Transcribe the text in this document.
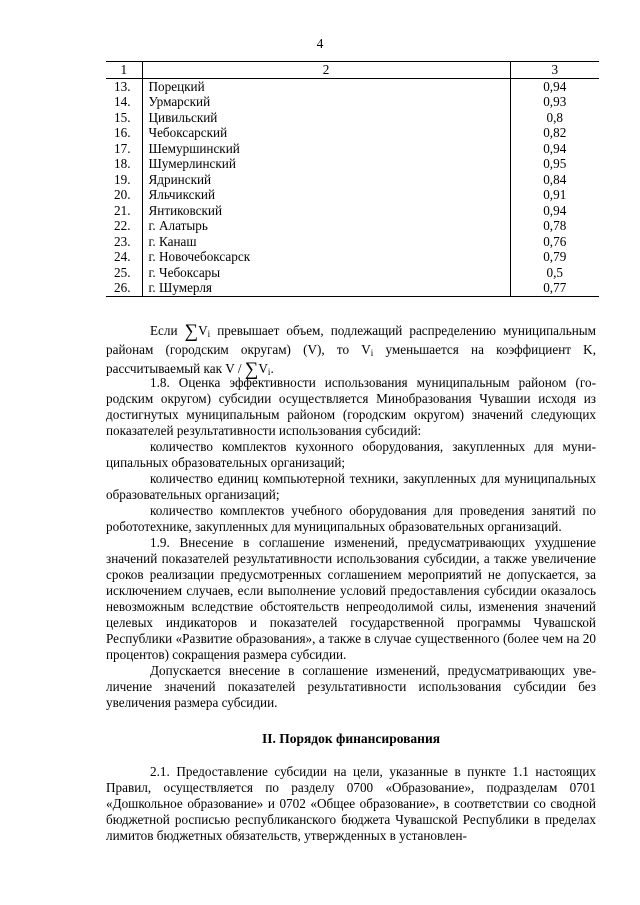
4
1	2	3
13.	Порецкий	0,94
14.	Урмарский	0,93
15.	Цивильский	0,8
16.	Чебоксарский	0,82
17.	Шемуршинский	0,94
18.	Шумерлинский	0,95
19.	Ядринский	0,84
20.	Яльчикский	0,91
21.	Янтиковский	0,94
22.	г. Алатырь	0,78
23.	г. Канаш	0,76
24.	г. Новочебоксарск	0,79
25.	г. Чебоксары	0,5
26.	г. Шумерля	0,77

Если $\sum V_i$ превышает объем, подлежащий распределению муниципальным районам (городским округам) (V), то $V_i$ уменьшается на коэффициент K, рассчитываемый как V / $\sum V_i$.

1.8. Оценка эффективности использования муниципальным районом (городским округом) субсидии осуществляется Минобразования Чувашии исходя из достигнутых муниципальным районом (городским округом) значений следующих показателей результативности использования субсидий:

количество комплектов кухонного оборудования, закупленных для муниципальных образовательных организаций;

количество единиц компьютерной техники, закупленных для муниципальных образовательных организаций;

количество комплектов учебного оборудования для проведения занятий по робототехнике, закупленных для муниципальных образовательных организаций.

1.9. Внесение в соглашение изменений, предусматривающих ухудшение значений показателей результативности использования субсидии, а также увеличение сроков реализации предусмотренных соглашением мероприятий не допускается, за исключением случаев, если выполнение условий предоставления субсидии оказалось невозможным вследствие обстоятельств непреодолимой силы, изменения значений целевых индикаторов и показателей государственной программы Чувашской Республики «Развитие образования», а также в случае существенного (более чем на 20 процентов) сокращения размера субсидии.

Допускается внесение в соглашение изменений, предусматривающих увеличение значений показателей результативности использования субсидии без увеличения размера субсидии.

II. Порядок финансирования

2.1. Предоставление субсидии на цели, указанные в пункте 1.1 настоящих Правил, осуществляется по разделу 0700 «Образование», подразделам 0701 «Дошкольное образование» и 0702 «Общее образование», в соответствии со сводной бюджетной росписью республиканского бюджета Чувашской Республики в пределах лимитов бюджетных обязательств, утвержденных в установлен-
